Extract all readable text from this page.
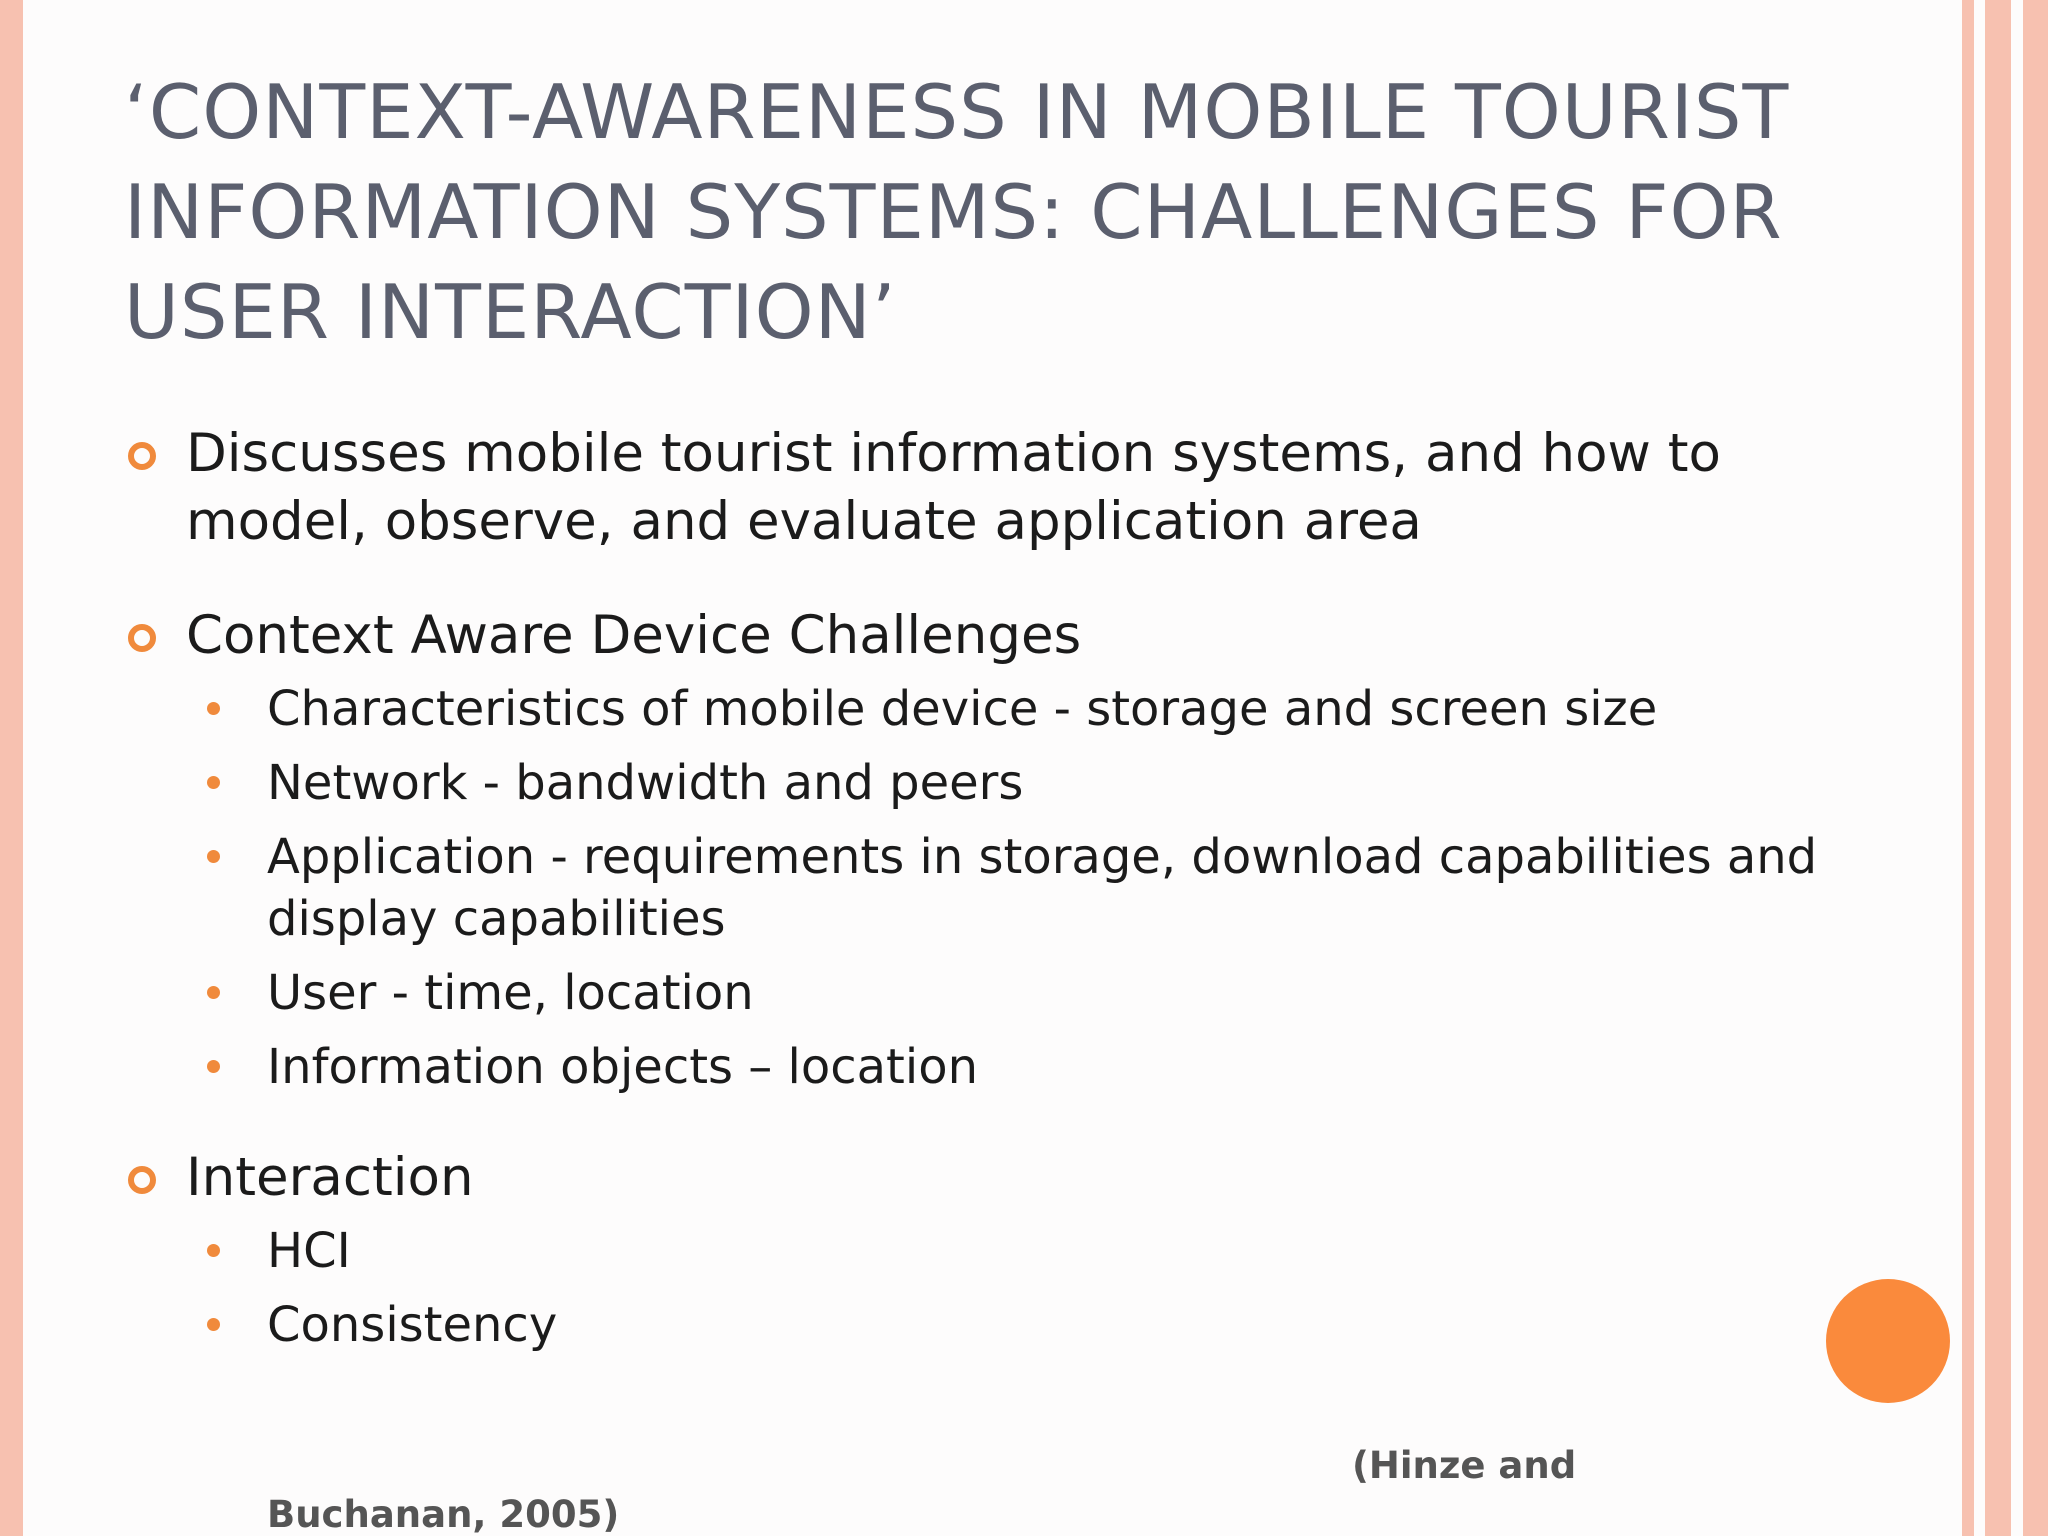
‘CONTEXT-AWARENESS IN MOBILE TOURIST INFORMATION SYSTEMS: CHALLENGES FOR USER INTERACTION’
Discusses mobile tourist information systems, and how to model, observe, and evaluate application area
Context Aware Device Challenges
Characteristics of mobile device - storage and screen size
Network - bandwidth and peers
Application - requirements in storage, download capabilities and display capabilities
User - time, location
Information objects – location
Interaction
HCI
Consistency
(Hinze and
Buchanan, 2005)
